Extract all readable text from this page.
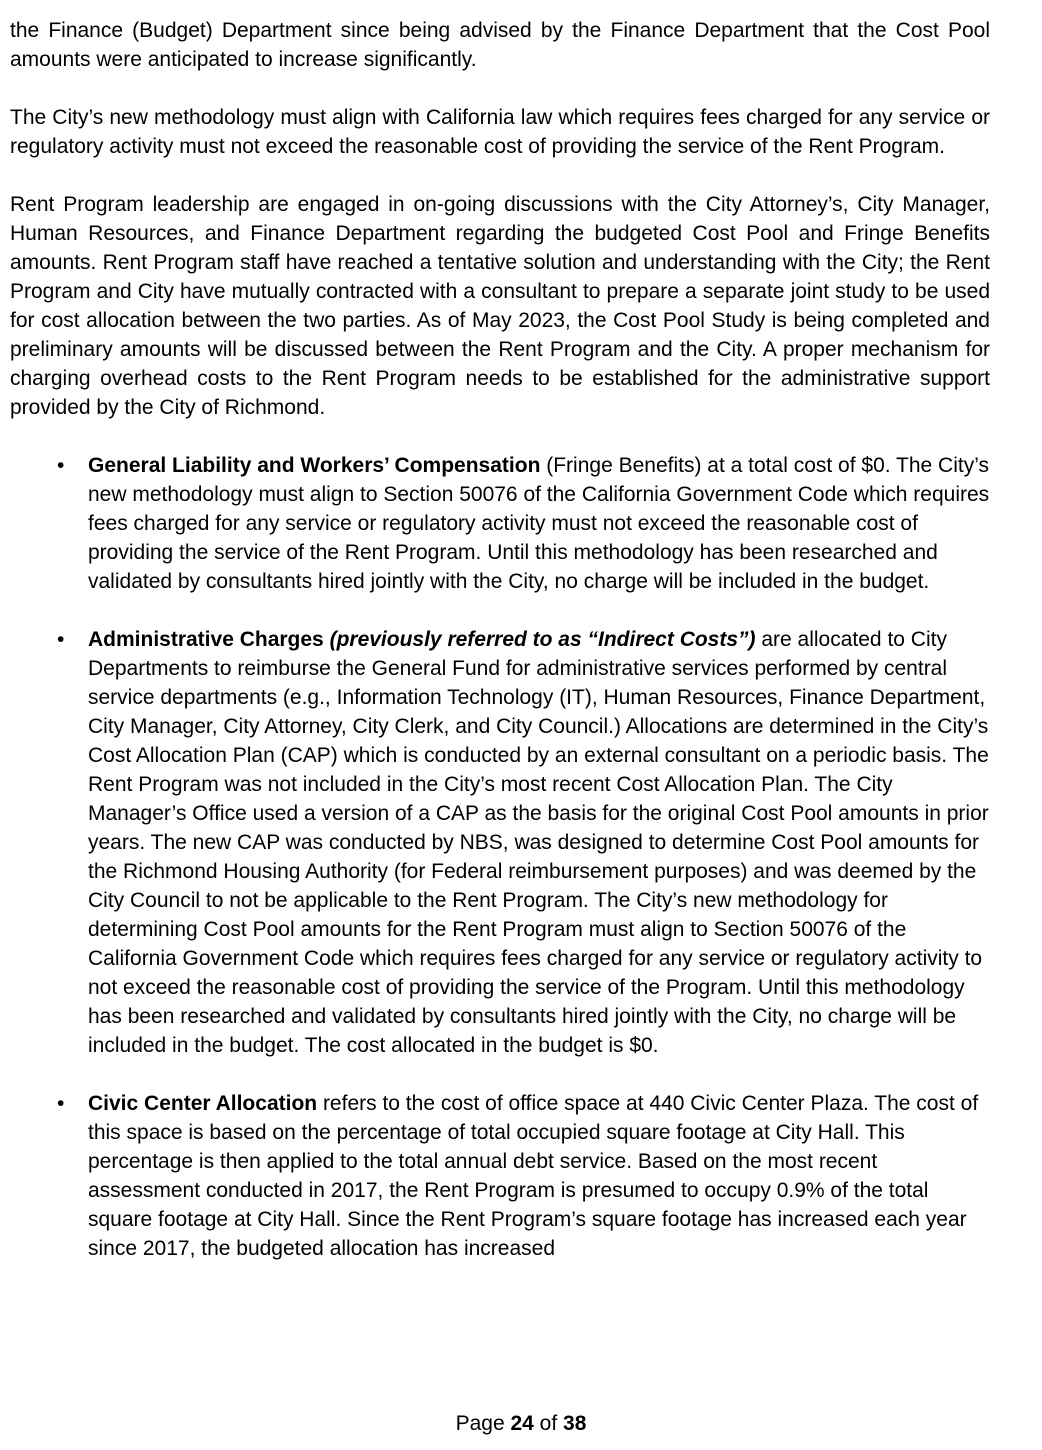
the Finance (Budget) Department since being advised by the Finance Department that the Cost Pool amounts were anticipated to increase significantly.

The City’s new methodology must align with California law which requires fees charged for any service or regulatory activity must not exceed the reasonable cost of providing the service of the Rent Program.

Rent Program leadership are engaged in on-going discussions with the City Attorney’s, City Manager, Human Resources, and Finance Department regarding the budgeted Cost Pool and Fringe Benefits amounts. Rent Program staff have reached a tentative solution and understanding with the City; the Rent Program and City have mutually contracted with a consultant to prepare a separate joint study to be used for cost allocation between the two parties. As of May 2023, the Cost Pool Study is being completed and preliminary amounts will be discussed between the Rent Program and the City. A proper mechanism for charging overhead costs to the Rent Program needs to be established for the administrative support provided by the City of Richmond.

• General Liability and Workers’ Compensation (Fringe Benefits) at a total cost of $0. The City’s new methodology must align to Section 50076 of the California Government Code which requires fees charged for any service or regulatory activity must not exceed the reasonable cost of providing the service of the Rent Program. Until this methodology has been researched and validated by consultants hired jointly with the City, no charge will be included in the budget.
• Administrative Charges (previously referred to as “Indirect Costs”) are allocated to City Departments to reimburse the General Fund for administrative services performed by central service departments (e.g., Information Technology (IT), Human Resources, Finance Department, City Manager, City Attorney, City Clerk, and City Council.) Allocations are determined in the City’s Cost Allocation Plan (CAP) which is conducted by an external consultant on a periodic basis. The Rent Program was not included in the City’s most recent Cost Allocation Plan. The City Manager’s Office used a version of a CAP as the basis for the original Cost Pool amounts in prior years. The new CAP was conducted by NBS, was designed to determine Cost Pool amounts for the Richmond Housing Authority (for Federal reimbursement purposes) and was deemed by the City Council to not be applicable to the Rent Program. The City’s new methodology for determining Cost Pool amounts for the Rent Program must align to Section 50076 of the California Government Code which requires fees charged for any service or regulatory activity to not exceed the reasonable cost of providing the service of the Program. Until this methodology has been researched and validated by consultants hired jointly with the City, no charge will be included in the budget. The cost allocated in the budget is $0.
• Civic Center Allocation refers to the cost of office space at 440 Civic Center Plaza. The cost of this space is based on the percentage of total occupied square footage at City Hall. This percentage is then applied to the total annual debt service. Based on the most recent assessment conducted in 2017, the Rent Program is presumed to occupy 0.9% of the total square footage at City Hall. Since the Rent Program’s square footage has increased each year since 2017, the budgeted allocation has increased
Page 24 of 38
